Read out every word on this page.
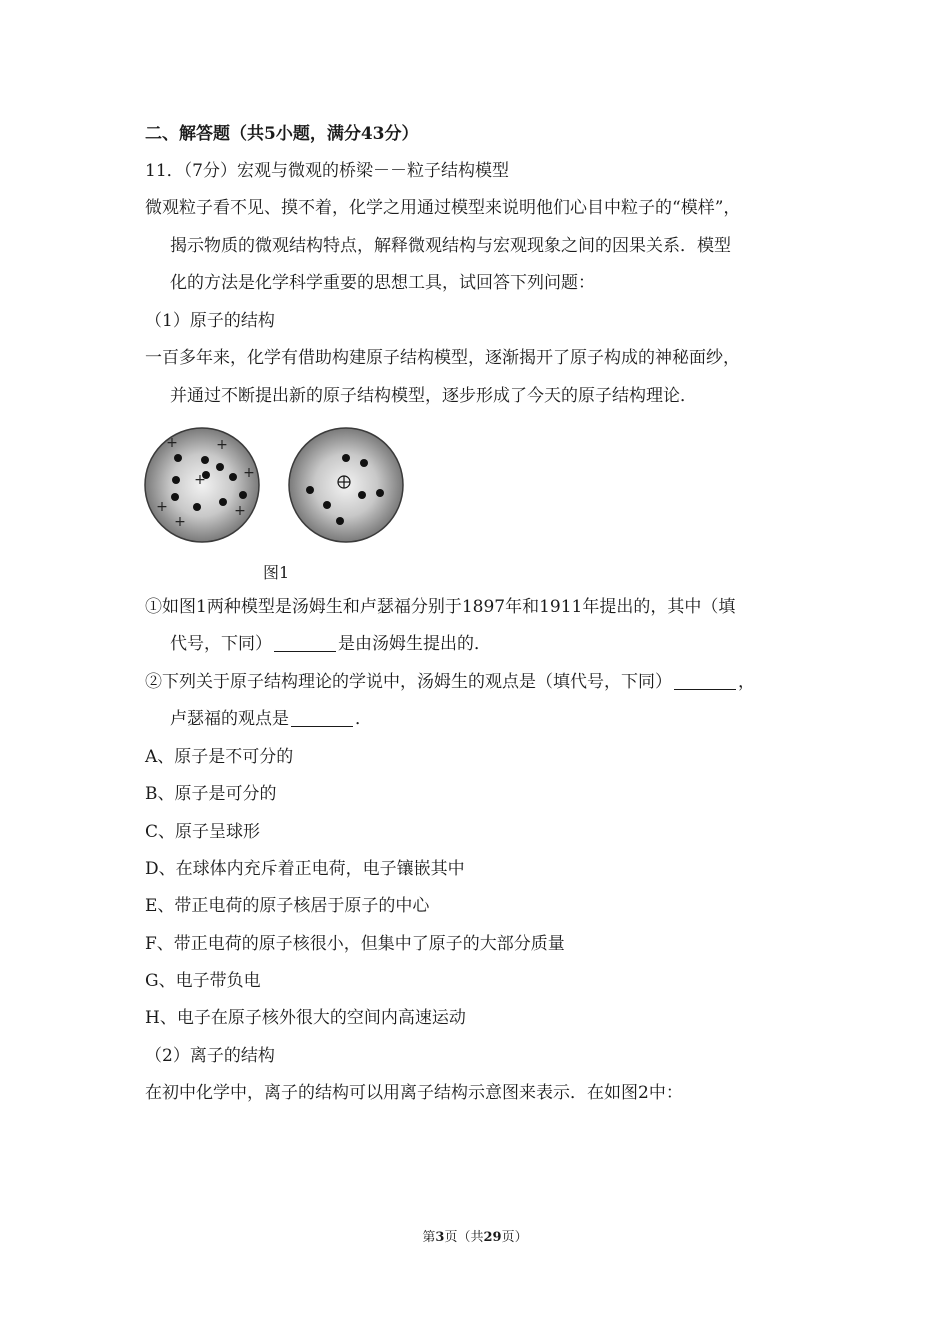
二、解答题（共5小题，满分43分）
11．（7分）宏观与微观的桥梁－－粒子结构模型
微观粒子看不见、摸不着，化学之用通过模型来说明他们心目中粒子的“模样”，
揭示物质的微观结构特点，解释微观结构与宏观现象之间的因果关系．模型
化的方法是化学科学重要的思想工具，试回答下列问题：
（1）原子的结构
一百多年来，化学有借助构建原子结构模型，逐渐揭开了原子构成的神秘面纱，
并通过不断提出新的原子结构模型，逐步形成了今天的原子结构理论．
+	+
+
+
+	+
+
图1
①如图1两种模型是汤姆生和卢瑟福分别于1897年和1911年提出的，其中（填
代号，下同）	是由汤姆生提出的．
②下列关于原子结构理论的学说中，汤姆生的观点是（填代号，下同）	，
卢瑟福的观点是	．
A、原子是不可分的
B、原子是可分的
C、原子呈球形
D、在球体内充斥着正电荷，电子镶嵌其中
E、带正电荷的原子核居于原子的中心
F、带正电荷的原子核很小，但集中了原子的大部分质量
G、电子带负电
H、电子在原子核外很大的空间内高速运动
（2）离子的结构
在初中化学中，离子的结构可以用离子结构示意图来表示．在如图2中：
第3页（共29页）
